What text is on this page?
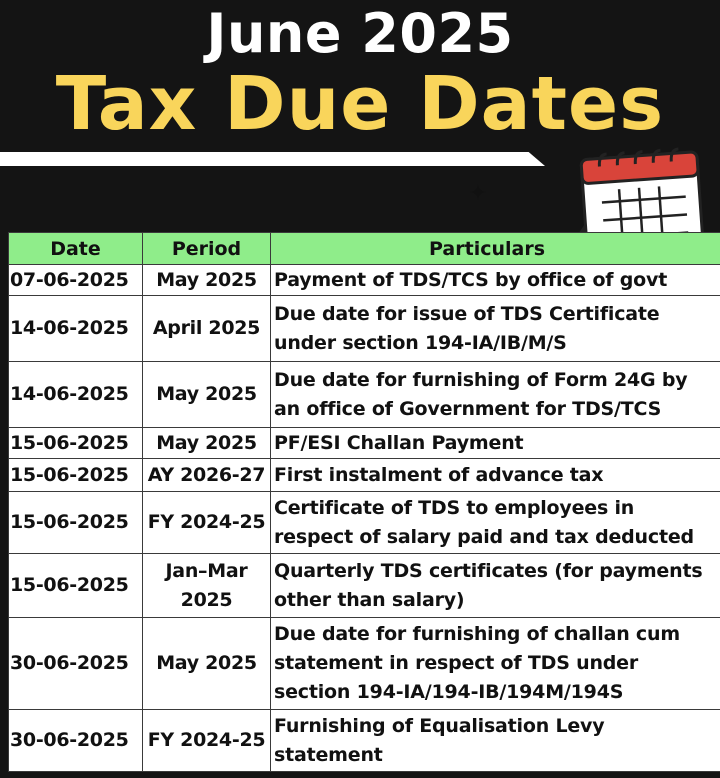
June 2025
Tax Due Dates
✦
Date	Period	Particulars
07-06-2025	May 2025	Payment of TDS/TCS by office of govt
14-06-2025	April 2025	Due date for issue of TDS Certificate under section 194-IA/IB/M/S
14-06-2025	May 2025	Due date for furnishing of Form 24G by an office of Government for TDS/TCS
15-06-2025	May 2025	PF/ESI Challan Payment
15-06-2025	AY 2026-27	First instalment of advance tax
15-06-2025	FY 2024-25	Certificate of TDS to employees in respect of salary paid and tax deducted
15-06-2025	Jan–Mar 2025	Quarterly TDS certificates (for payments other than salary)
30-06-2025	May 2025	Due date for furnishing of challan cum statement in respect of TDS under section 194-IA/194-IB/194M/194S
30-06-2025	FY 2024-25	Furnishing of Equalisation Levy statement
